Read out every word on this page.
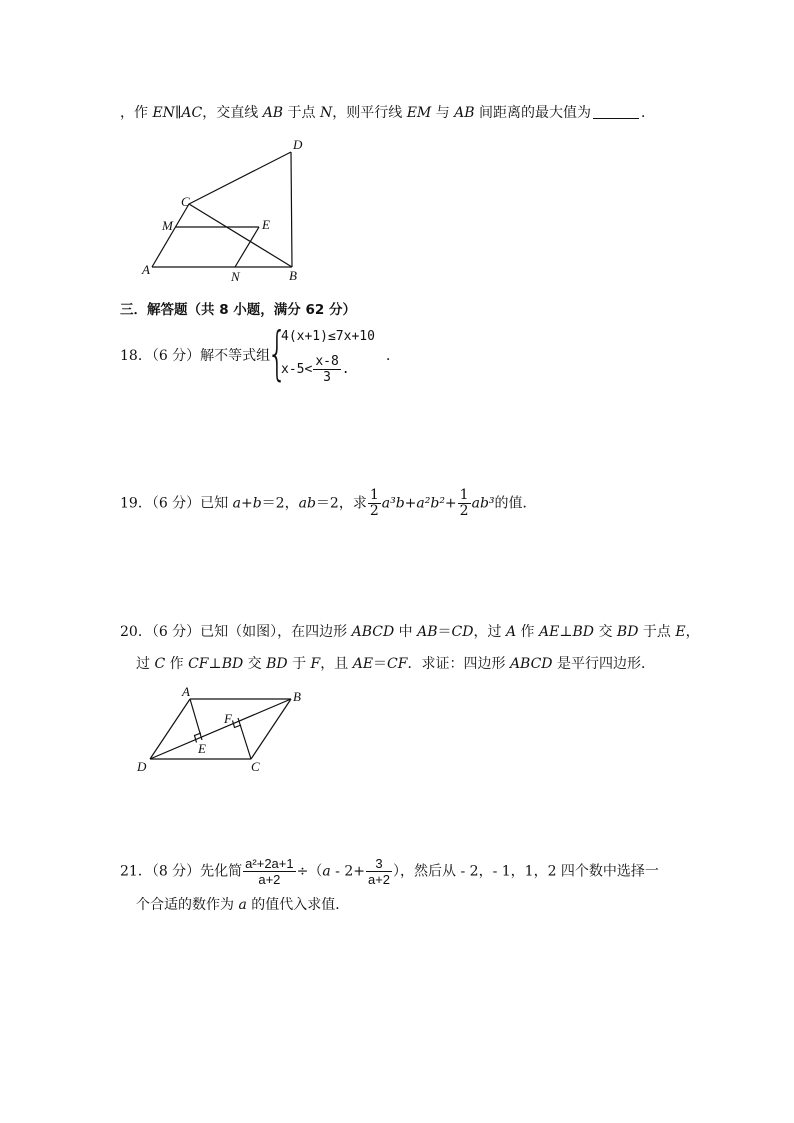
，作 EN∥AC，交直线 AB 于点 N，则平行线 EM 与 AB 间距离的最大值为	．
D
C
M	E
A	N	B
三．解答题（共 8 小题，满分 62 分）
18．（6 分）解不等式组
{
4(x+1)≤7x+10
$x-5< \frac{x-8}{3}$ .
．
19．（6 分）已知 a+b＝2，ab＝2，求 $\frac{1}{2} a^3b+a^2b^2+ \frac{1}{2} ab^3$的值．
20．（6 分）已知（如图），在四边形 ABCD 中 AB＝CD，过 A 作 AE⊥BD 交 BD 于点 E，
过 C 作 CF⊥BD 交 BD 于 F，且 AE＝CF．求证：四边形 ABCD 是平行四边形．
A	B
F
E
D	C
21．（8 分）先化简 $\frac{\text{a²+2a+1}}{a+2} \div(a - 2+ \frac{3}{a+2}$ ），然后从 - 2，- 1，1，2 四个数中选择一
个合适的数作为 a 的值代入求值．
